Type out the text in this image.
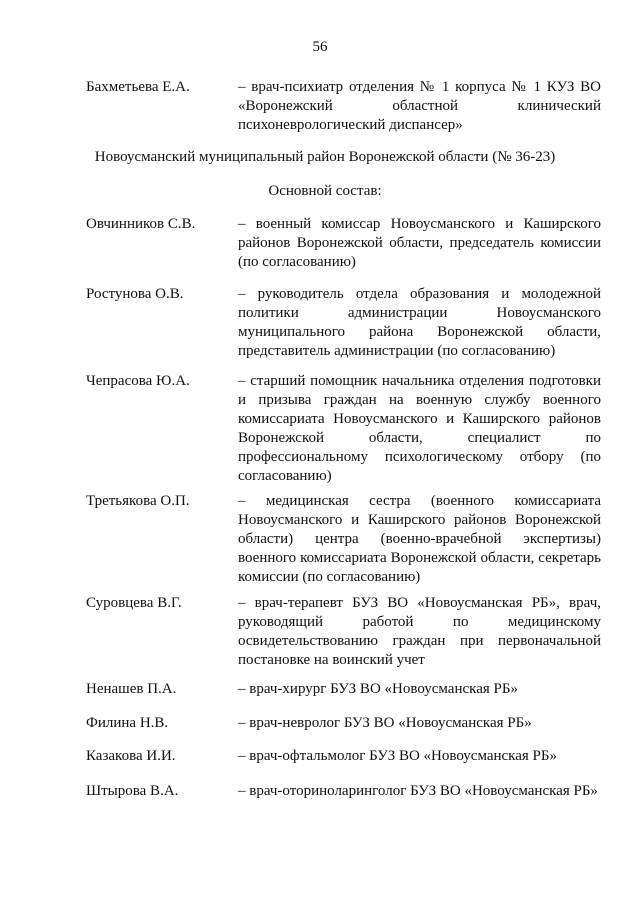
56
Бахметьева Е.А.	– врач-психиатр отделения № 1 корпуса № 1 КУЗ ВО «Воронежский областной клинический психоневрологический диспансер»
Новоусманский муниципальный район Воронежской области (№ 36-23)
Основной состав:
Овчинников С.В.	– военный комиссар Новоусманского и Каширского районов Воронежской области, председатель комиссии (по согласованию)
Ростунова О.В.	– руководитель отдела образования и молодежной политики администрации Новоусманского муниципального района Воронежской области, представитель администрации (по согласованию)
Чепрасова Ю.А.	– старший помощник начальника отделения подготовки и призыва граждан на военную службу военного комиссариата Новоусманского и Каширского районов Воронежской области, специалист по профессиональному психологическому отбору (по согласованию)
Третьякова О.П.	– медицинская сестра (военного комиссариата Новоусманского и Каширского районов Воронежской области) центра (военно-врачебной экспертизы) военного комиссариата Воронежской области, секретарь комиссии (по согласованию)
Суровцева В.Г.	– врач-терапевт БУЗ ВО «Новоусманская РБ», врач, руководящий работой по медицинскому освидетельствованию граждан при первоначальной постановке на воинский учет
Ненашев П.А.	– врач-хирург БУЗ ВО «Новоусманская РБ»
Филина Н.В.	– врач-невролог БУЗ ВО «Новоусманская РБ»
Казакова И.И.	– врач-офтальмолог БУЗ ВО «Новоусманская РБ»
Штырова В.А.	– врач-оториноларинголог БУЗ ВО «Новоусманская РБ»
